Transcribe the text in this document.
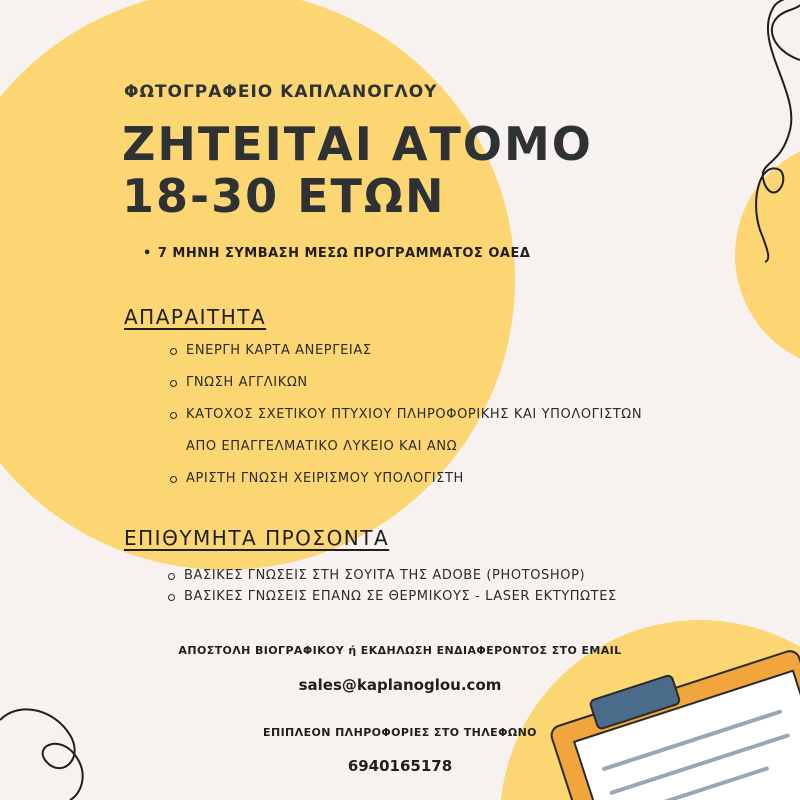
ΦΩΤΟΓΡΑΦΕΙΟ ΚΑΠΛΑΝΟΓΛΟΥ
ΖΗΤΕΙΤΑΙ ΑΤΟΜΟ
18-30 ΕΤΩΝ
• 7 ΜΗΝΗ ΣΥΜΒΑΣΗ ΜΕΣΩ ΠΡΟΓΡΑΜΜΑΤΟΣ ΟΑΕΔ
ΑΠΑΡΑΙΤΗΤΑ
ΕΝΕΡΓΗ ΚΑΡΤΑ ΑΝΕΡΓΕΙΑΣ
ΓΝΩΣΗ ΑΓΓΛΙΚΩΝ
ΚΑΤΟΧΟΣ ΣΧΕΤΙΚΟΥ ΠΤΥΧΙΟΥ ΠΛΗΡΟΦΟΡΙΚΗΣ ΚΑΙ ΥΠΟΛΟΓΙΣΤΩΝ
ΑΠΟ ΕΠΑΓΓΕΛΜΑΤΙΚΟ ΛΥΚΕΙΟ ΚΑΙ ΑΝΩ
ΑΡΙΣΤΗ ΓΝΩΣΗ ΧΕΙΡΙΣΜΟΥ ΥΠΟΛΟΓΙΣΤΗ
ΕΠΙΘΥΜΗΤΑ ΠΡΟΣΟΝΤΑ
ΒΑΣΙΚΕΣ ΓΝΩΣΕΙΣ ΣΤΗ ΣΟΥΙΤΑ ΤΗΣ ADOBE (PHOTOSHOP)
ΒΑΣΙΚΕΣ ΓΝΩΣΕΙΣ ΕΠΑΝΩ ΣΕ ΘΕΡΜΙΚΟΥΣ - LASER ΕΚΤΥΠΩΤΕΣ
ΑΠΟΣΤΟΛΗ ΒΙΟΓΡΑΦΙΚΟΥ ή ΕΚΔΗΛΩΣΗ ΕΝΔΙΑΦΕΡΟΝΤΟΣ ΣΤΟ EMAIL
sales@kaplanoglou.com
ΕΠΙΠΛΕΟΝ ΠΛΗΡΟΦΟΡΙΕΣ ΣΤΟ ΤΗΛΕΦΩΝΟ
6940165178
